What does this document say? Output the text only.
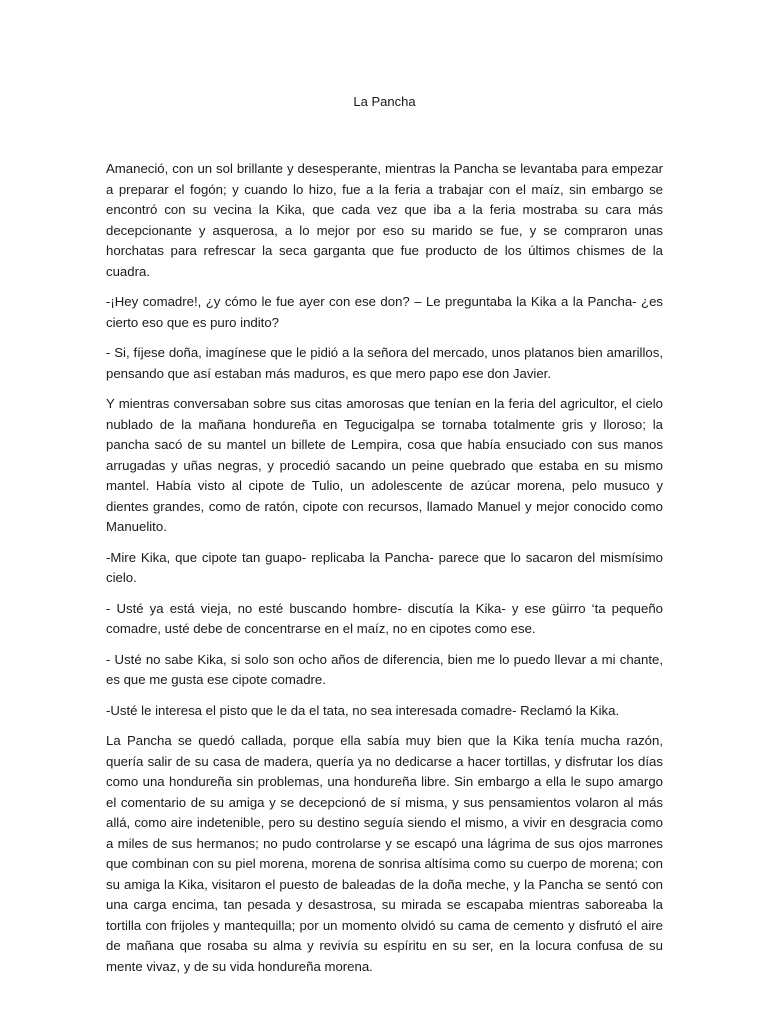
La Pancha

Amaneció, con un sol brillante y desesperante, mientras la Pancha se levantaba para empezar a preparar el fogón; y cuando lo hizo, fue a la feria a trabajar con el maíz, sin embargo se encontró con su vecina la Kika, que cada vez que iba a la feria mostraba su cara más decepcionante y asquerosa, a lo mejor por eso su marido se fue, y se compraron unas horchatas para refrescar la seca garganta que fue producto de los últimos chismes de la cuadra.

-¡Hey comadre!, ¿y cómo le fue ayer con ese don? – Le preguntaba la Kika a la Pancha- ¿es cierto eso que es puro indito?

- Si, fíjese doña, imagínese que le pidió a la señora del mercado, unos platanos bien amarillos, pensando que así estaban más maduros, es que mero papo ese don Javier.

Y mientras conversaban sobre sus citas amorosas que tenían en la feria del agricultor, el cielo nublado de la mañana hondureña en Tegucigalpa se tornaba totalmente gris y lloroso; la pancha sacó de su mantel un billete de Lempira, cosa que había ensuciado con sus manos arrugadas y uñas negras, y procedió sacando un peine quebrado que estaba en su mismo mantel. Había visto al cipote de Tulio, un adolescente de azúcar morena, pelo musuco y dientes grandes, como de ratón, cipote con recursos, llamado Manuel y mejor conocido como Manuelito.

-Mire Kika, que cipote tan guapo- replicaba la Pancha- parece que lo sacaron del mismísimo cielo.

- Usté ya está vieja, no esté buscando hombre- discutía la Kika- y ese güirro ‘ta pequeño comadre, usté debe de concentrarse en el maíz, no en cipotes como ese.

- Usté no sabe Kika, si solo son ocho años de diferencia, bien me lo puedo llevar a mi chante, es que me gusta ese cipote comadre.

-Usté le interesa el pisto que le da el tata, no sea interesada comadre- Reclamó la Kika.

La Pancha se quedó callada, porque ella sabía muy bien que la Kika tenía mucha razón, quería salir de su casa de madera, quería ya no dedicarse a hacer tortillas, y disfrutar los días como una hondureña sin problemas, una hondureña libre. Sin embargo a ella le supo amargo el comentario de su amiga y se decepcionó de sí misma, y sus pensamientos volaron al más allá, como aire indetenible, pero su destino seguía siendo el mismo, a vivir en desgracia como a miles de sus hermanos; no pudo controlarse y se escapó una lágrima de sus ojos marrones que combinan con su piel morena, morena de sonrisa altísima como su cuerpo de morena; con su amiga la Kika, visitaron el puesto de baleadas de la doña meche, y la Pancha se sentó con una carga encima, tan pesada y desastrosa, su mirada se escapaba mientras saboreaba la tortilla con frijoles y mantequilla; por un momento olvidó su cama de cemento y disfrutó el aire de mañana que rosaba su alma y revivía su espíritu en su ser, en la locura confusa de su mente vivaz, y de su vida hondureña morena.
